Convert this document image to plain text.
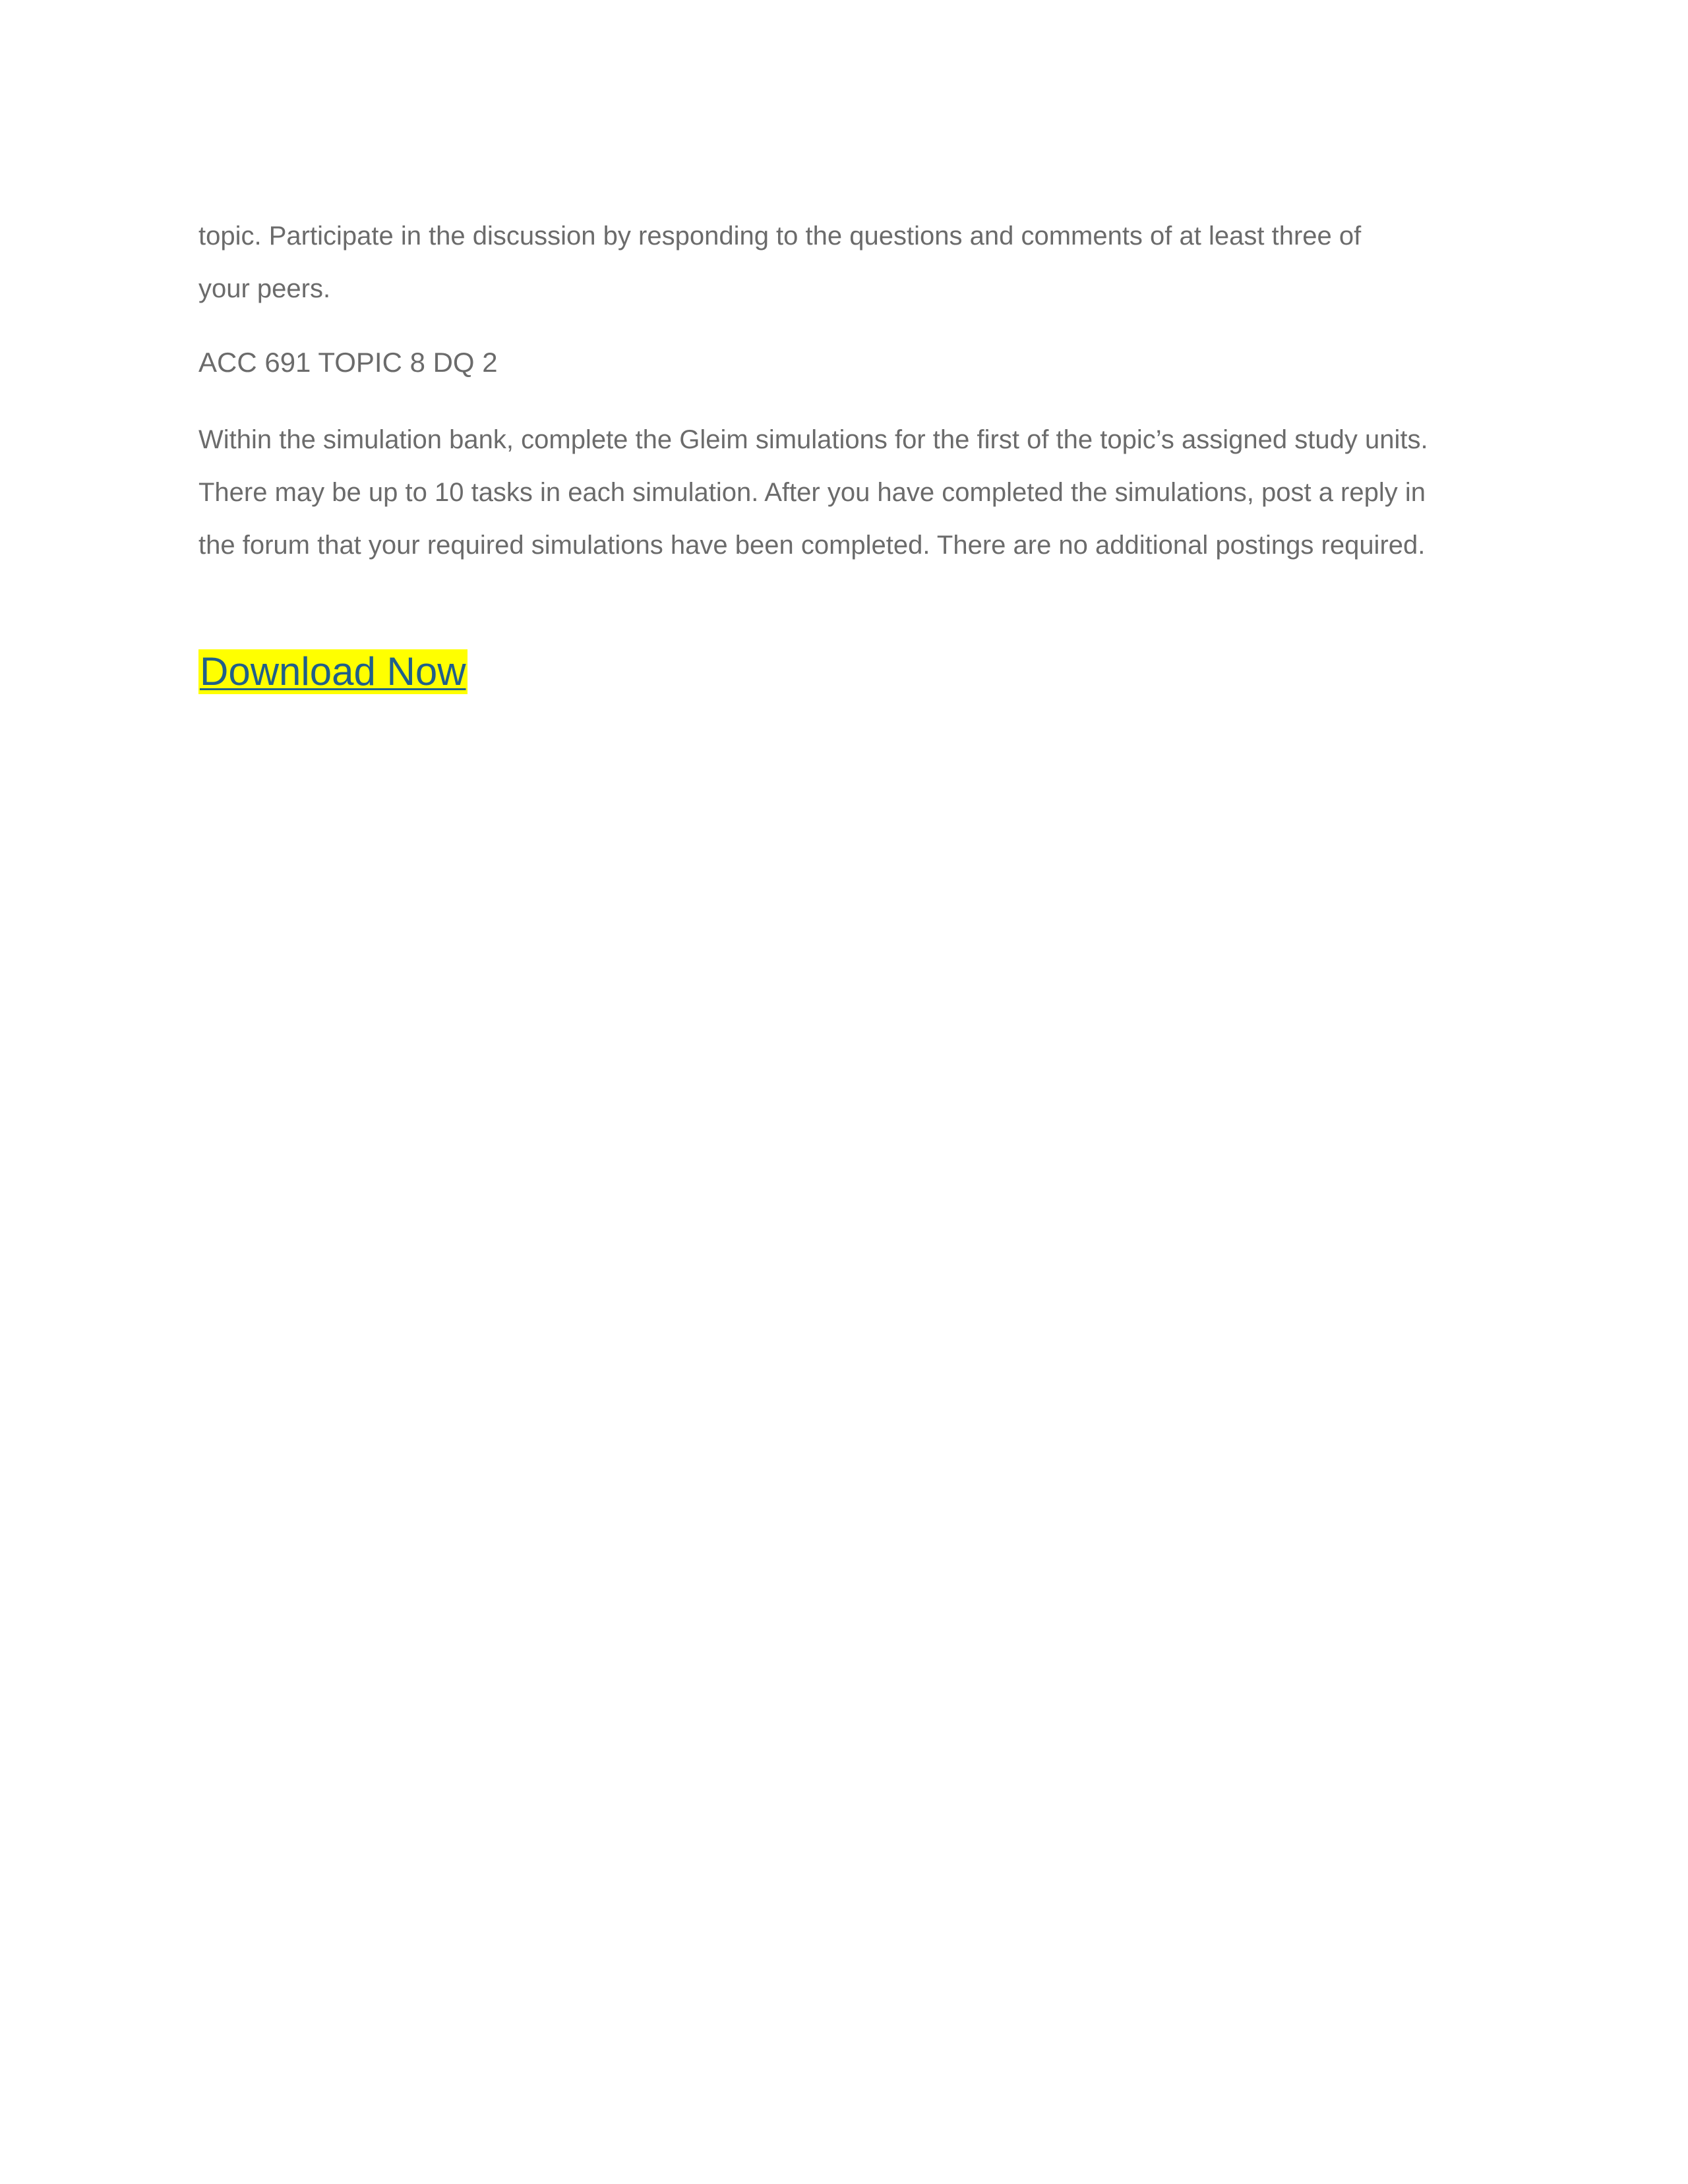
topic. Participate in the discussion by responding to the questions and comments of at least three of
your peers.
ACC 691 TOPIC 8 DQ 2
Within the simulation bank, complete the Gleim simulations for the first of the topic’s assigned study units.
There may be up to 10 tasks in each simulation. After you have completed the simulations, post a reply in
the forum that your required simulations have been completed. There are no additional postings required.
Download Now
